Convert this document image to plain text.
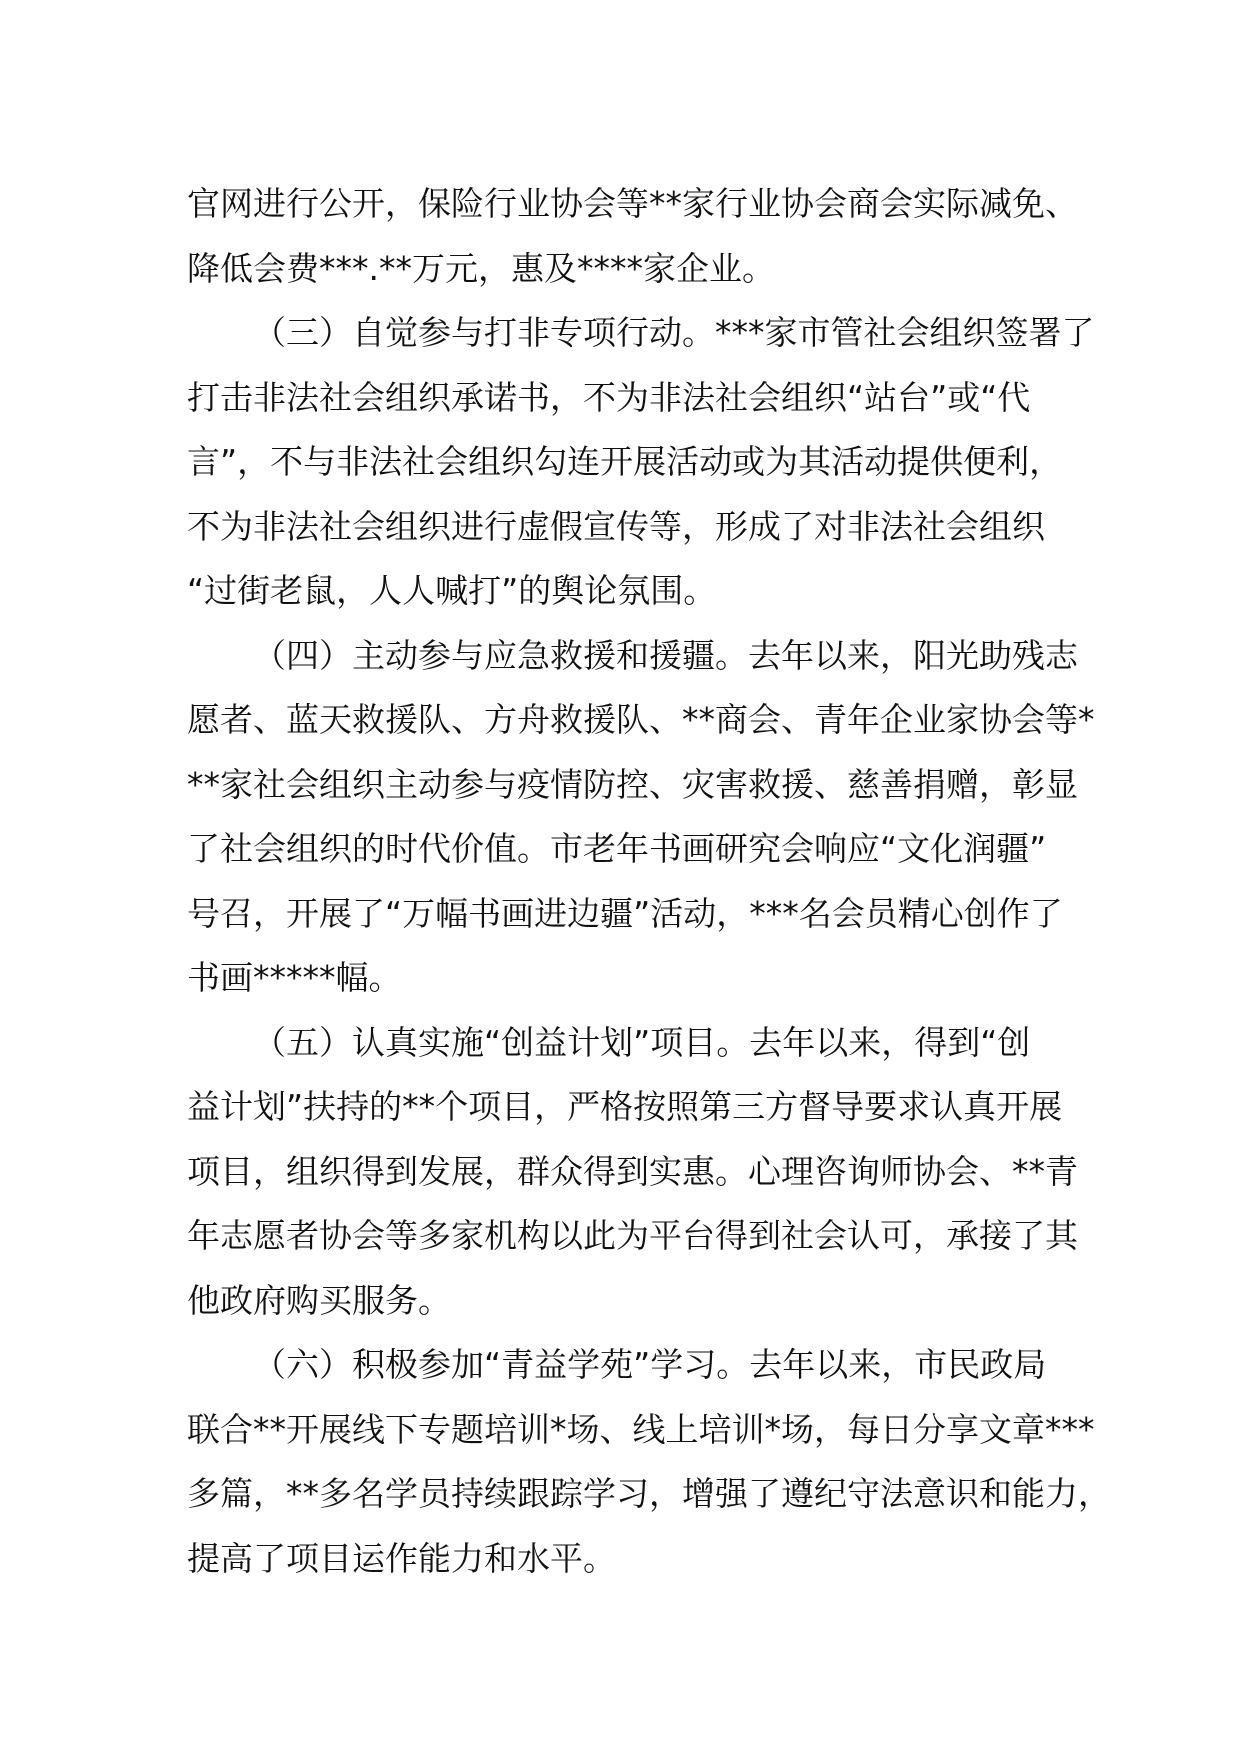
官网进行公开，保险行业协会等**家行业协会商会实际减免、
降低会费***.**万元，惠及****家企业。
（三）自觉参与打非专项行动。***家市管社会组织签署了
打击非法社会组织承诺书，不为非法社会组织“站台”或“代
言”，不与非法社会组织勾连开展活动或为其活动提供便利，
不为非法社会组织进行虚假宣传等，形成了对非法社会组织
“过街老鼠，人人喊打”的舆论氛围。
（四）主动参与应急救援和援疆。去年以来，阳光助残志
愿者、蓝天救援队、方舟救援队、**商会、青年企业家协会等*
**家社会组织主动参与疫情防控、灾害救援、慈善捐赠，彰显
了社会组织的时代价值。市老年书画研究会响应“文化润疆”
号召，开展了“万幅书画进边疆”活动，***名会员精心创作了
书画*****幅。
（五）认真实施“创益计划”项目。去年以来，得到“创
益计划”扶持的**个项目，严格按照第三方督导要求认真开展
项目，组织得到发展，群众得到实惠。心理咨询师协会、**青
年志愿者协会等多家机构以此为平台得到社会认可，承接了其
他政府购买服务。
（六）积极参加“青益学苑”学习。去年以来，市民政局
联合**开展线下专题培训*场、线上培训*场，每日分享文章***
多篇，**多名学员持续跟踪学习，增强了遵纪守法意识和能力，
提高了项目运作能力和水平。
